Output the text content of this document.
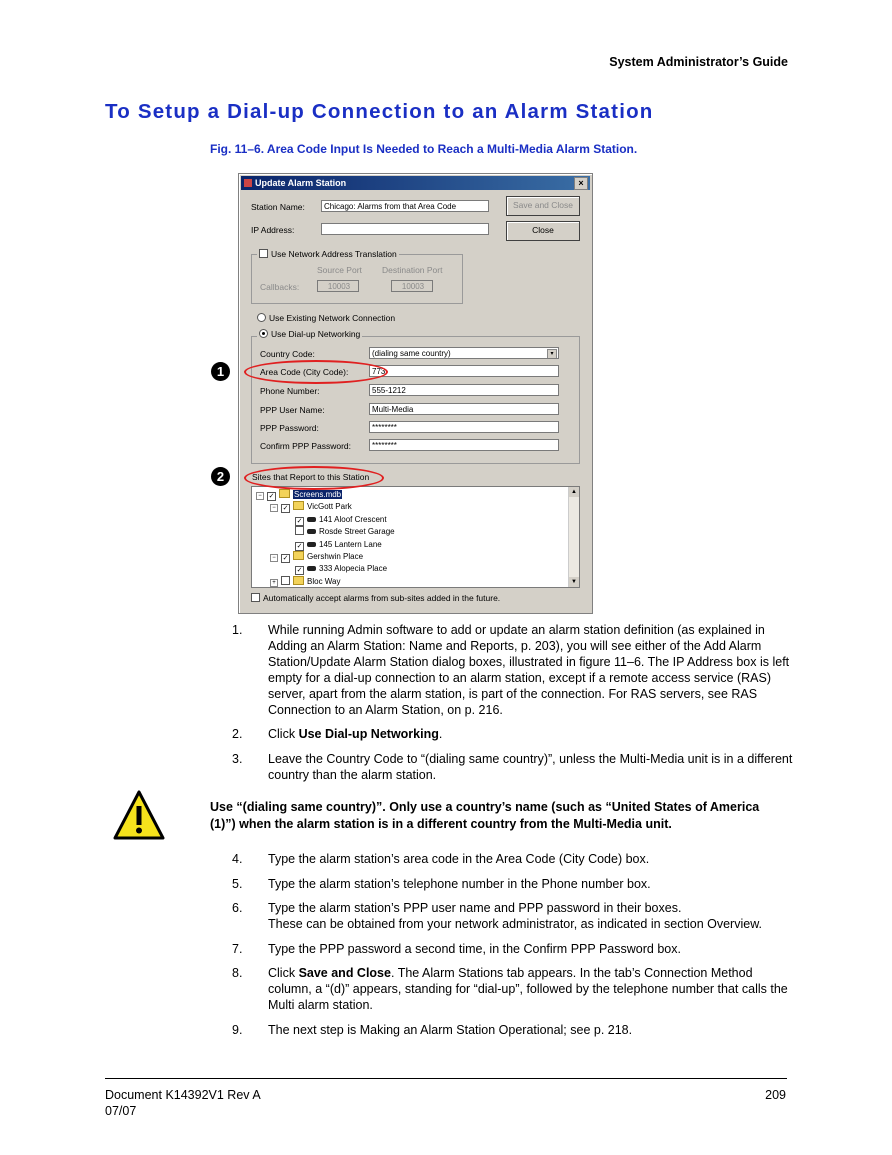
System Administrator’s Guide
To Setup a Dial-up Connection to an Alarm Station
Fig. 11–6. Area Code Input Is Needed to Reach a Multi-Media Alarm Station.
Update Alarm Station	×
Station Name:	Chicago: Alarms from that Area Code
IP Address:
Save and Close
Close
Use Network Address Translation
Source Port Destination Port
Callbacks:	10003	10003
Use Existing Network Connection
Use Dial-up Networking
Country Code:	(dialing same country)	▾
Area Code (City Code):	773
Phone Number:	555-1212
PPP User Name:	Multi-Media
PPP Password:	********
Confirm PPP Password:	********
Sites that Report to this Station
▲
▼
− ✓ Screens.mdb
− ✓ VicGott Park
✓ 141 Aloof Crescent
Rosde Street Garage
✓ 145 Lantern Lane
− ✓ Gershwin Place
✓ 333 Alopecia Place
+	Bloc Way
Automatically accept alarms from sub-sites added in the future.
1
2
1. While running Admin software to add or update an alarm station definition (as explained in Adding an Alarm Station: Name and Reports, p. 203), you will see either of the Add Alarm Station/Update Alarm Station dialog boxes, illustrated in figure 11–6. The IP Address box is left empty for a dial-up connection to an alarm station, except if a remote access service (RAS) server, apart from the alarm station, is part of the connection. For RAS servers, see RAS Connection to an Alarm Station, on p. 216.
2. Click Use Dial-up Networking.
3. Leave the Country Code to “(dialing same country)”, unless the Multi-Media unit is in a different country than the alarm station.
Use “(dialing same country)”. Only use a country’s name (such as “United States of America (1)”) when the alarm station is in a different country from the Multi-Media unit.
4. Type the alarm station’s area code in the Area Code (City Code) box.
5. Type the alarm station’s telephone number in the Phone number box.
6. Type the alarm station’s PPP user name and PPP password in their boxes.
These can be obtained from your network administrator, as indicated in section Overview.
7. Type the PPP password a second time, in the Confirm PPP Password box.
8. Click Save and Close. The Alarm Stations tab appears. In the tab’s Connection Method column, a “(d)” appears, standing for “dial-up”, followed by the telephone number that calls the Multi alarm station.
9. The next step is Making an Alarm Station Operational; see p. 218.
Document K14392V1 Rev A
07/07
209
